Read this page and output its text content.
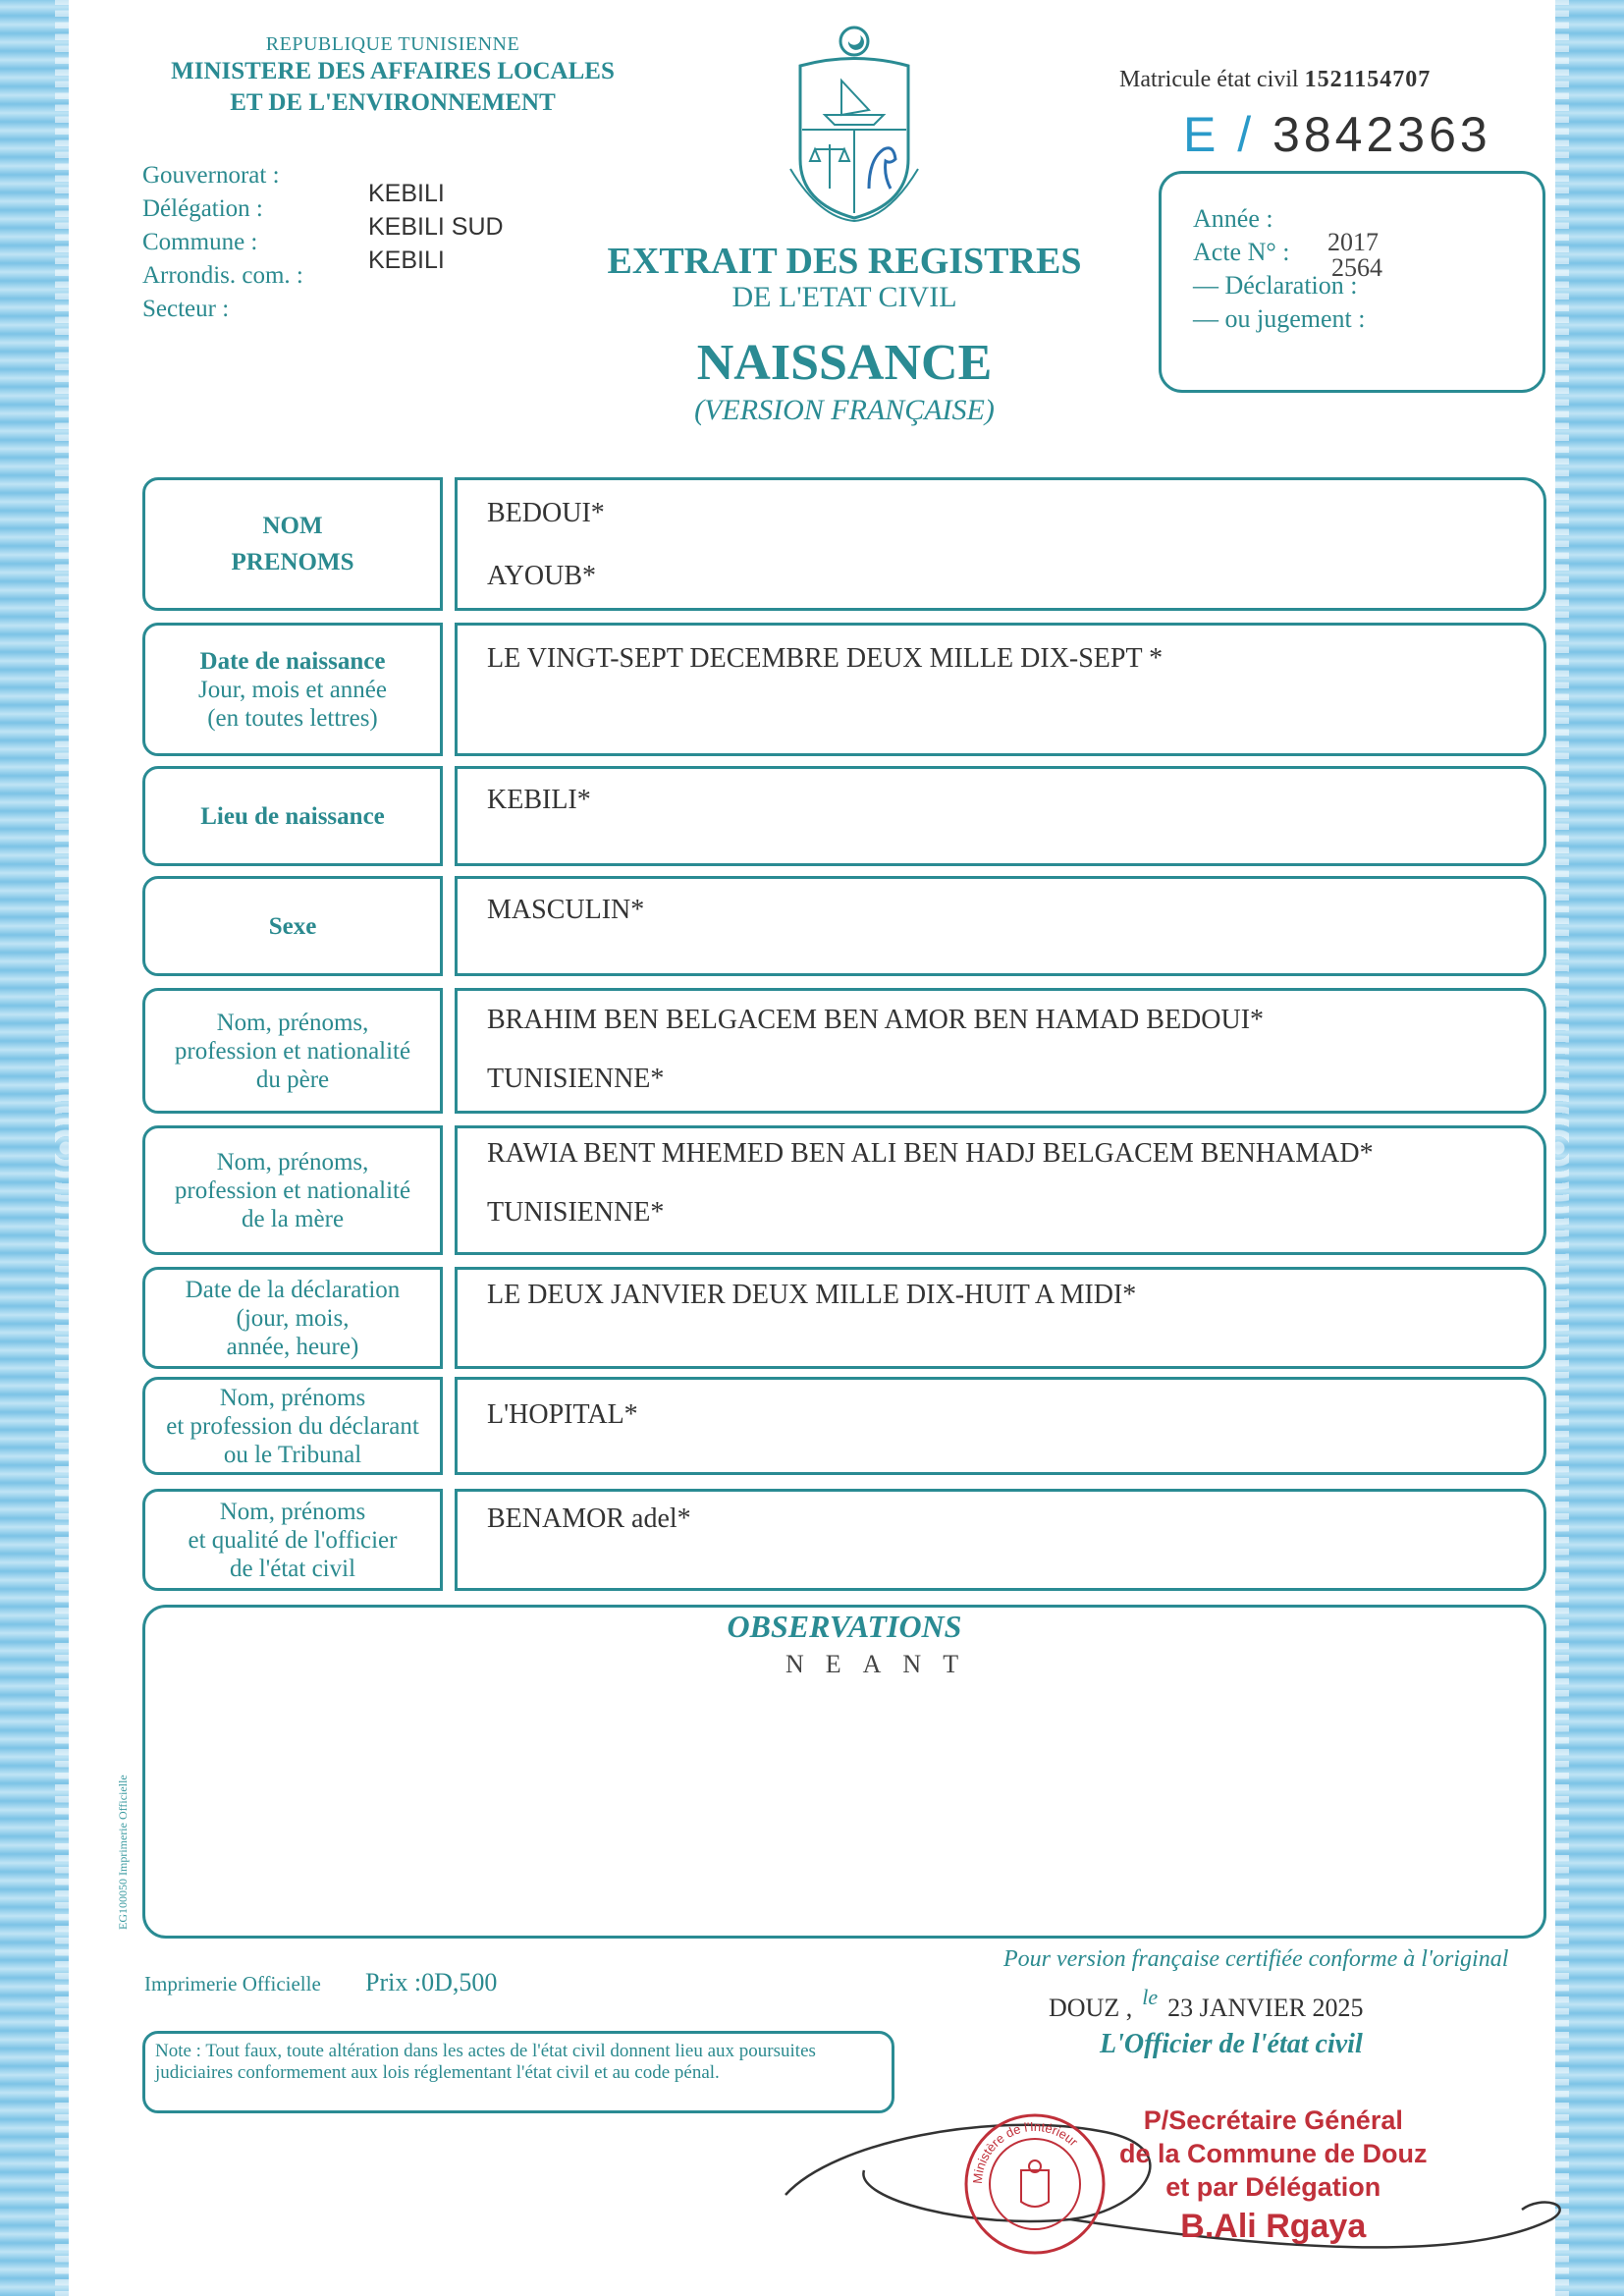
REPUBLIQUE TUNISIENNE
MINISTERE DES AFFAIRES LOCALES
ET DE L'ENVIRONNEMENT
Gouvernorat :
Délégation :
Commune :
Arrondis. com. :
Secteur :
KEBILI
KEBILI SUD
KEBILI
Matricule état civil 1521154707
E / 3842363
Année :
Acte N° :
— Déclaration :
— ou jugement :
2017
2564
EXTRAIT DES REGISTRES
DE L'ETAT CIVIL
NAISSANCE
(VERSION FRANÇAISE)
NOM
PRENOMS
BEDOUI*
AYOUB*
Date de naissance
Jour, mois et année
(en toutes lettres)
LE VINGT-SEPT DECEMBRE DEUX MILLE DIX-SEPT *
Lieu de naissance
KEBILI*
Sexe
MASCULIN*
Nom, prénoms,
profession et nationalité
du père
BRAHIM BEN BELGACEM BEN AMOR BEN HAMAD BEDOUI*
TUNISIENNE*
Nom, prénoms,
profession et nationalité
de la mère
RAWIA BENT MHEMED BEN ALI BEN HADJ BELGACEM BENHAMAD*
TUNISIENNE*
Date de la déclaration
(jour, mois,
année, heure)
LE DEUX JANVIER DEUX MILLE DIX-HUIT A MIDI*
Nom, prénoms
et profession du déclarant
ou le Tribunal
L'HOPITAL*
Nom, prénoms
et qualité de l'officier
de l'état civil
BENAMOR adel*
OBSERVATIONS
NEANT
EG100050 Imprimerie Officielle
Imprimerie Officielle Prix :0D,500
Note : Tout faux, toute altération dans les actes de l'état civil donnent lieu aux poursuites judiciaires conformement aux lois réglementant l'état civil et au code pénal.
Pour version française certifiée conforme à l'original
DOUZ , $^{le}$ 23 JANVIER 2025
L'Officier de l'état civil
Ministère de l'Intérieur
P/Secrétaire Général
de la Commune de Douz
et par Délégation
B.Ali Rgaya
